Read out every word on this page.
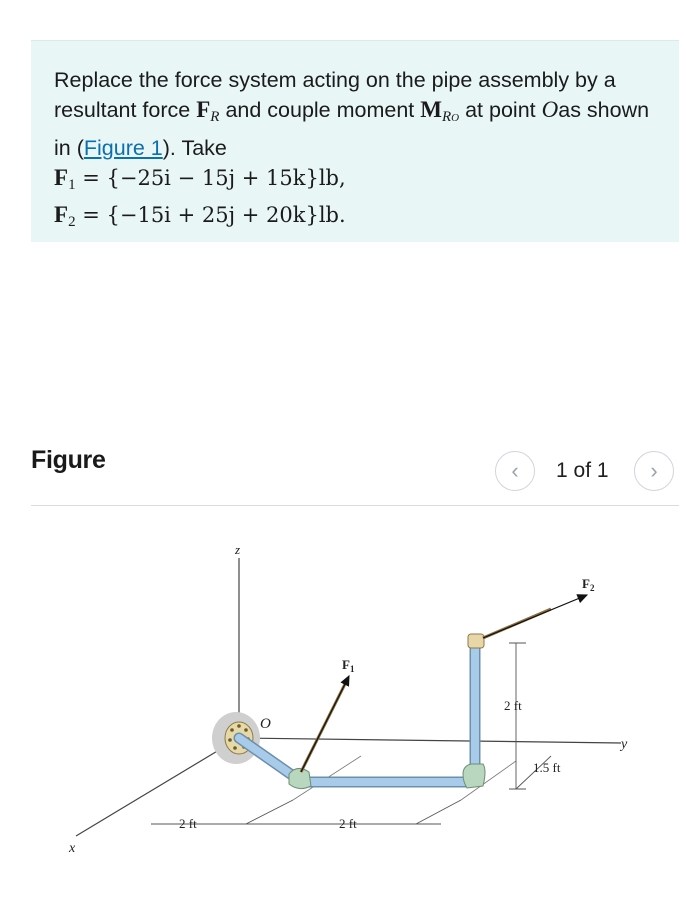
Replace the force system acting on the pipe assembly by a resultant force $F_R$ and couple moment $M_{RO}$ at point Oas shown in (Figure 1). Take
$F_1 = \{-25i - 15j + 15k\}lb$,
$F_2 = \{-15i + 25j + 20k\}lb$.
Figure	‹ 1 of 1 ›
z
x
y
O
$F_1$
$F_2$
2 ft	2 ft
2 ft
1.5 ft
